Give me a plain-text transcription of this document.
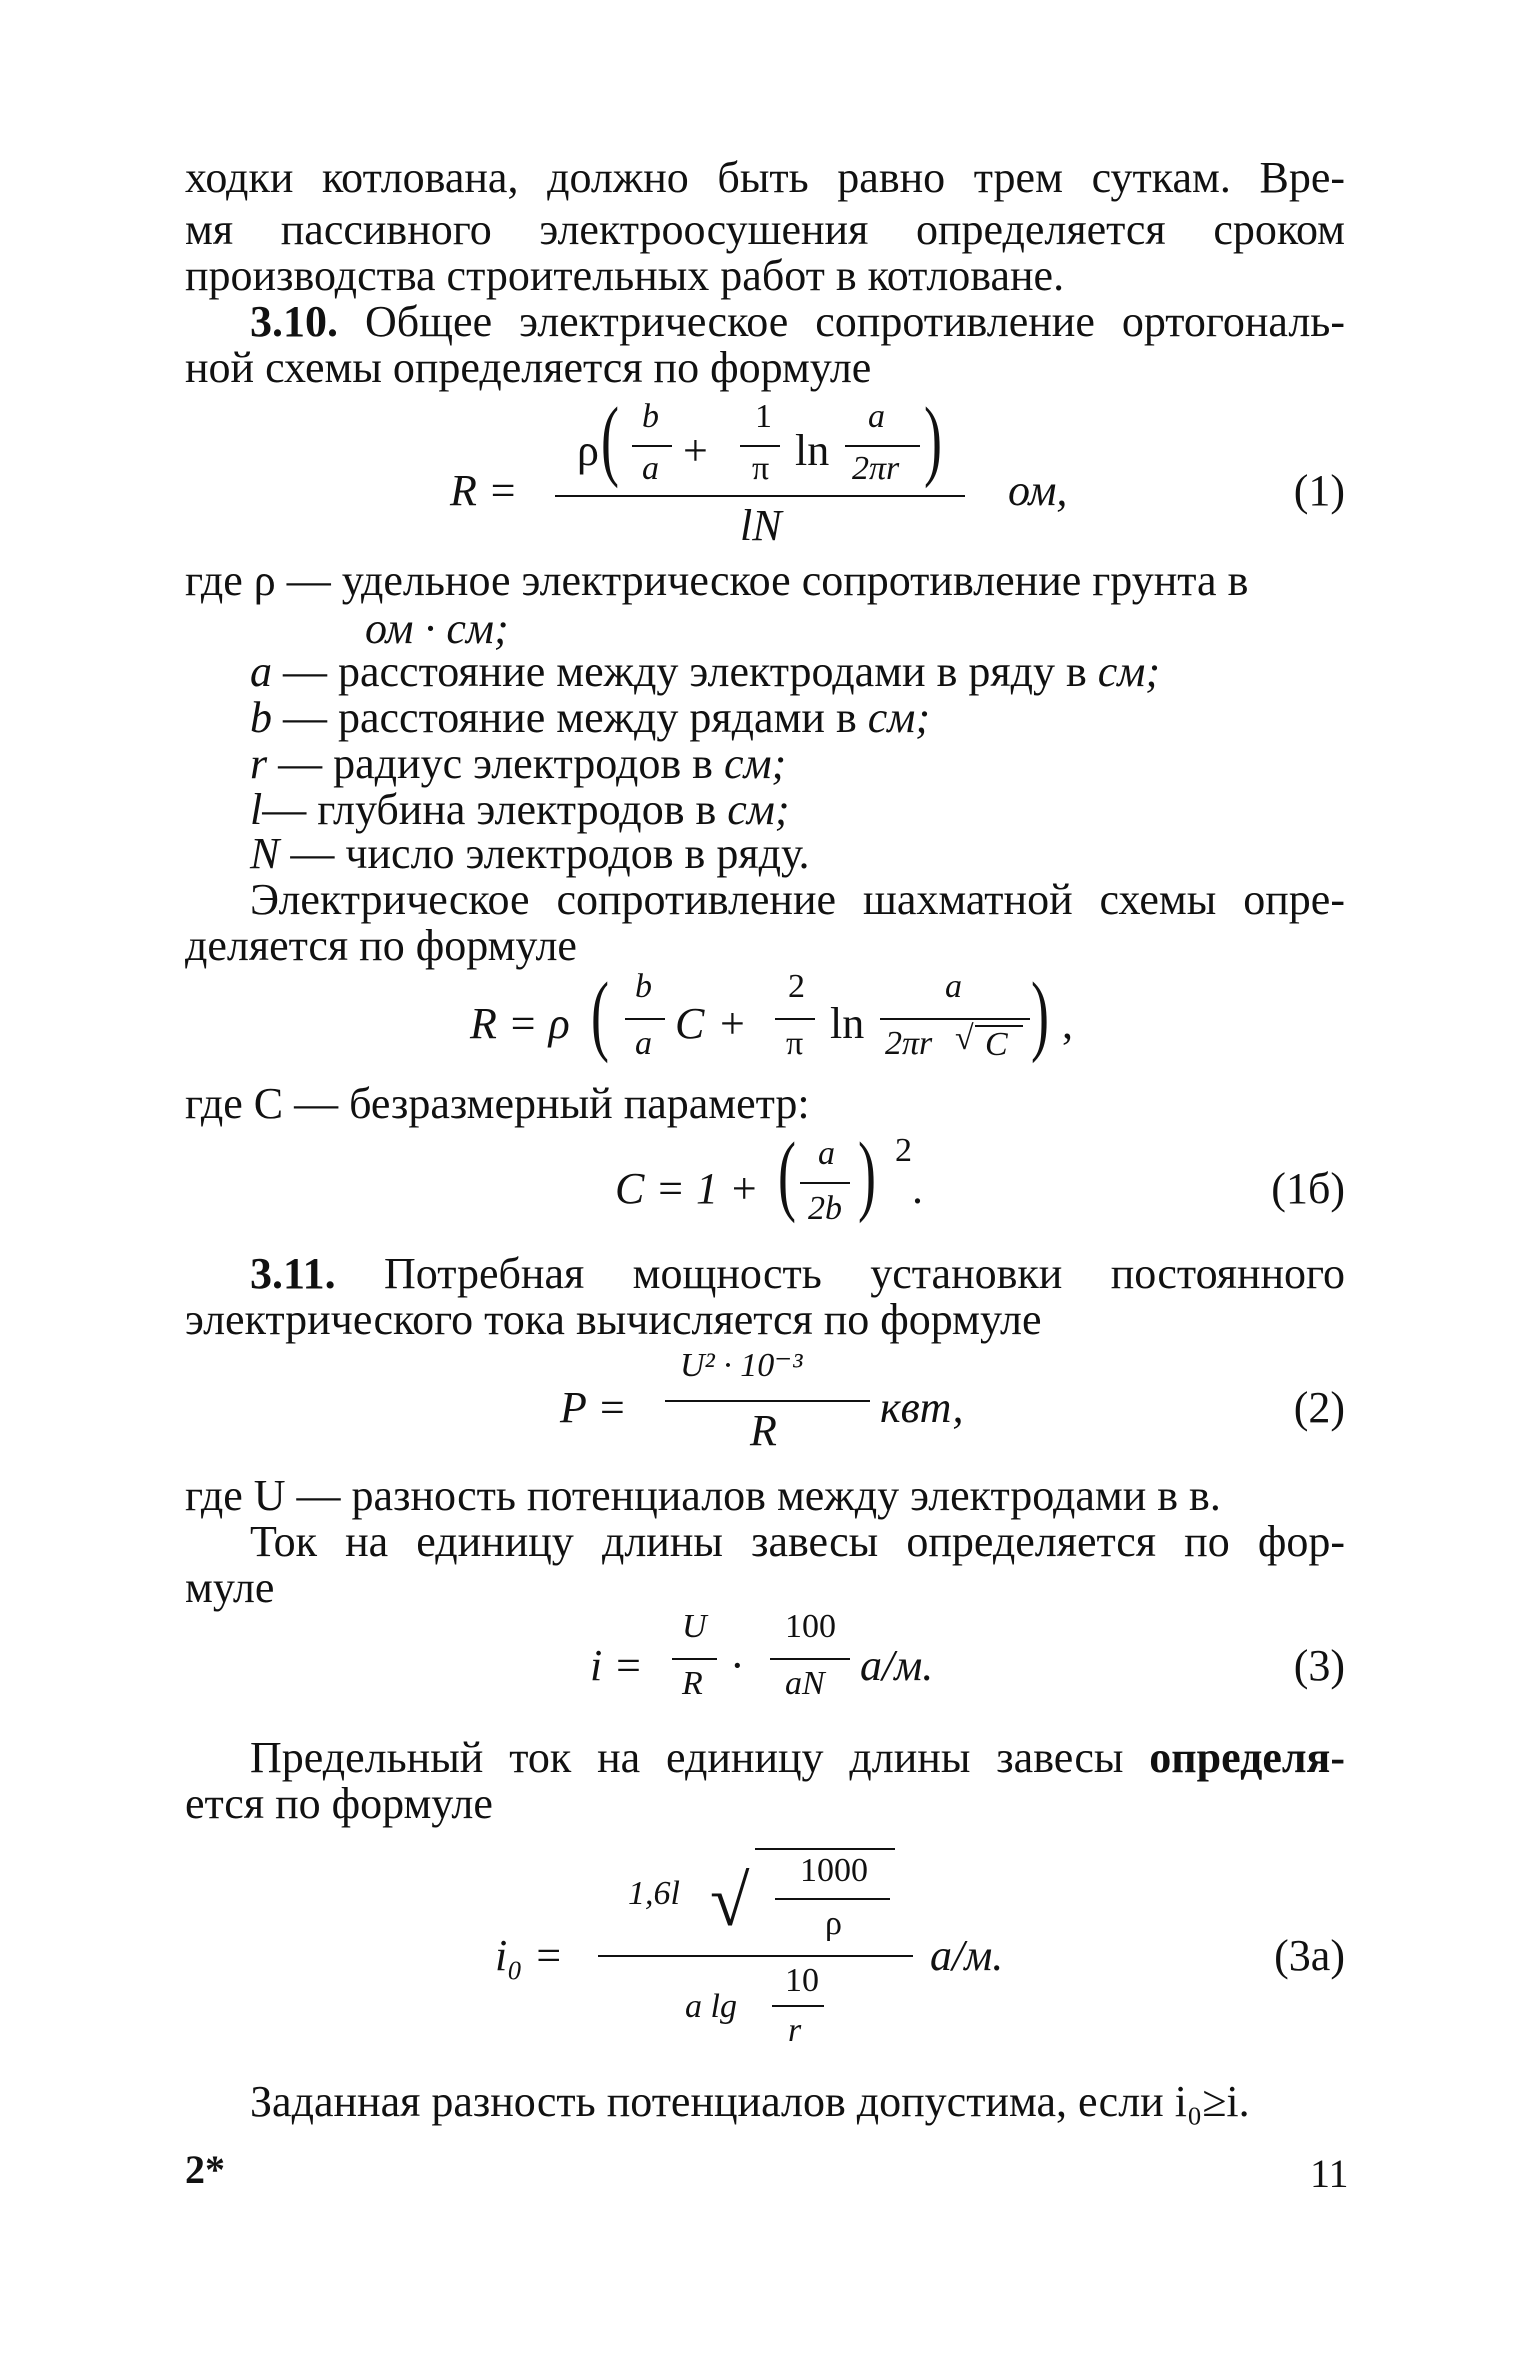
ходки котлована, должно быть равно трем суткам. Вре-
мя пассивного электроосушения определяется сроком
производства строительных работ в котловане.
3.10. Общее электрическое сопротивление ортогональ-
ной схемы определяется по формуле
R =
ρ ( b
a +
1
π ln
a
2πr )
lN
ом,	(1)
где ρ — удельное электрическое сопротивление грунта в
ом · см;
a — расстояние между электродами в ряду в см;
b — расстояние между рядами в см;
r — радиус электродов в см;
l— глубина электродов в см;
N — число электродов в ряду.
Электрическое сопротивление шахматной схемы опре-
деляется по формуле
R = ρ ( b
a C +
2
π ln
a
2πr √ C ) ,
где C — безразмерный параметр:
C = 1 + ( a
2b ) 2
.	(1б)
3.11. Потребная мощность установки постоянного
электрического тока вычисляется по формуле
P =
U² · 10⁻³
R квт,	(2)
где U — разность потенциалов между электродами в в.
Ток на единицу длины завесы определяется по фор-
муле
i =
U
R ·
100
aN а/м.	(3)
Предельный ток на единицу длины завесы определя-
ется по формуле
i₀ =
1,6l √ 1000
ρ
a lg
10
r
а/м.	(3а)
Заданная разность потенциалов допустима, если i₀≥i.
2*	11
